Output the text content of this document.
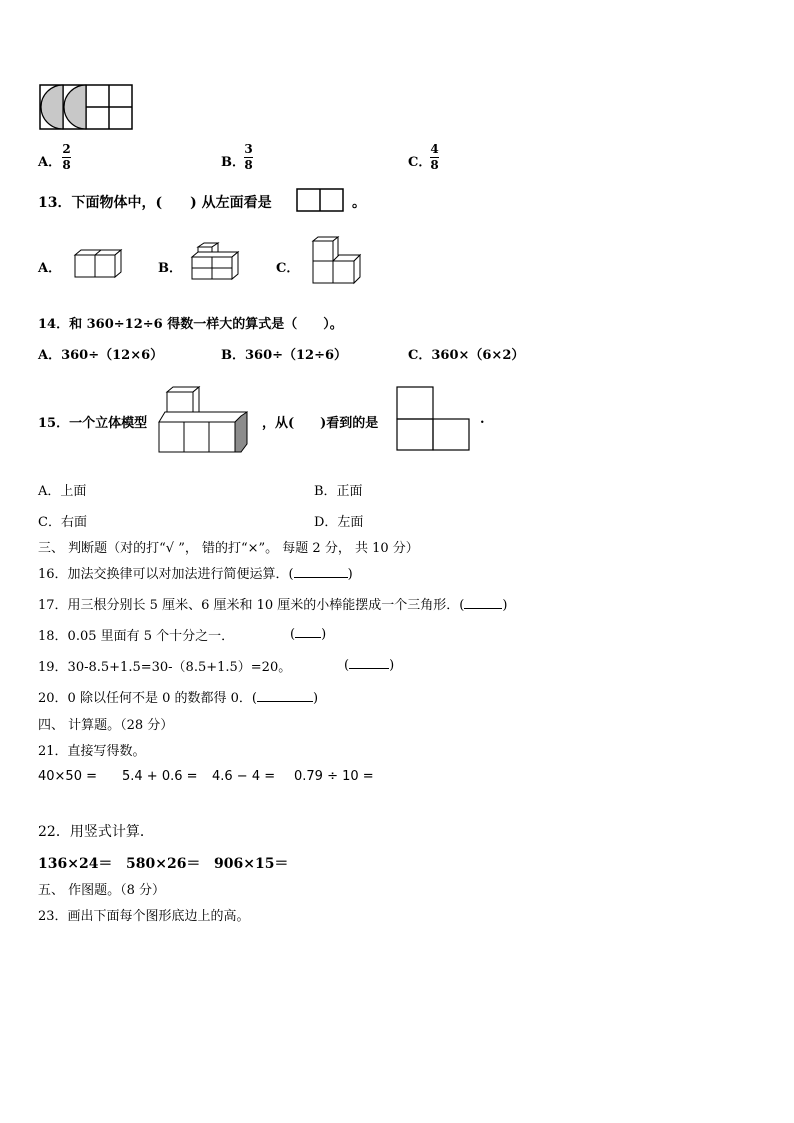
A．
2
8	B．
3
8	C．
4
8
13．下面物体中，(　　) 从左面看是	。
A．	B．	C．
14．和 360÷12÷6 得数一样大的算式是（　　）。
A．360÷（12×6）	B．360÷（12÷6）	C．360×（6×2）
15．一个立体模型	，从(　　)看到的是	.
A．上面	B．正面
C．右面	D．左面
三、 判断题（对的打“√ ”， 错的打“×”。 每题 2 分， 共 10 分）
16．加法交换律可以对加法进行简便运算．(	)
17．用三根分别长 5 厘米、6 厘米和 10 厘米的小棒能摆成一个三角形．(	)
18．0.05 里面有 5 个十分之一．	( )
19．30-8.5+1.5=30-（8.5+1.5）=20。	(	)
20．0 除以任何不是 0 的数都得 0．(	)
四、 计算题。（28 分）
21．直接写得数。
40×50 = 5.4 + 0.6 = 4.6 − 4 = 0.79 ÷ 10 =
22．用竖式计算．
136×24＝ 580×26＝ 906×15＝
五、 作图题。（8 分）
23．画出下面每个图形底边上的高。
